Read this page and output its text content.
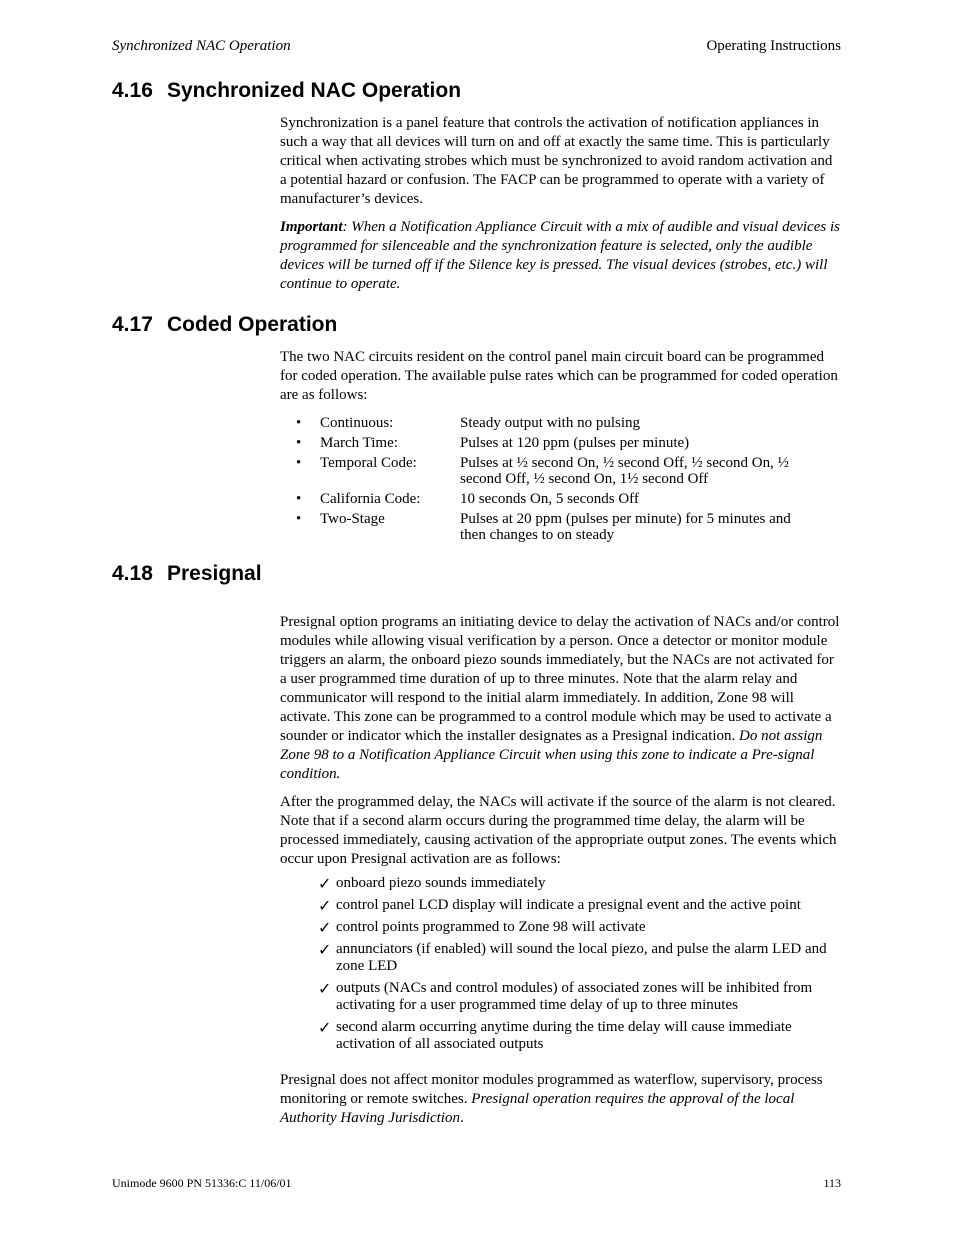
Synchronized NAC Operation	Operating Instructions
4.16 Synchronized NAC Operation

Synchronization is a panel feature that controls the activation of notification appliances in such a way that all devices will turn on and off at exactly the same time. This is particularly critical when activating strobes which must be synchronized to avoid random activation and a potential hazard or confusion. The FACP can be programmed to operate with a variety of manufacturer’s devices.

Important: When a Notification Appliance Circuit with a mix of audible and visual devices is programmed for silenceable and the synchronization feature is selected, only the audible devices will be turned off if the Silence key is pressed. The visual devices (strobes, etc.) will continue to operate.

4.17 Coded Operation

The two NAC circuits resident on the control panel main circuit board can be programmed for coded operation. The available pulse rates which can be programmed for coded operation are as follows:

•	Continuous:	Steady output with no pulsing
•	March Time:	Pulses at 120 ppm (pulses per minute)
•	Temporal Code:	Pulses at ½ second On, ½ second Off, ½ second On, ½ second Off, ½ second On, 1½ second Off
•	California Code:	10 seconds On, 5 seconds Off
•	Two-Stage	Pulses at 20 ppm (pulses per minute) for 5 minutes and then changes to on steady
4.18 Presignal

Presignal option programs an initiating device to delay the activation of NACs and/or control modules while allowing visual verification by a person. Once a detector or monitor module triggers an alarm, the onboard piezo sounds immediately, but the NACs are not activated for a user programmed time duration of up to three minutes. Note that the alarm relay and communicator will respond to the initial alarm immediately. In addition, Zone 98 will activate. This zone can be programmed to a control module which may be used to activate a sounder or indicator which the installer designates as a Presignal indication. Do not assign Zone 98 to a Notification Appliance Circuit when using this zone to indicate a Pre-signal condition.

After the programmed delay, the NACs will activate if the source of the alarm is not cleared. Note that if a second alarm occurs during the programmed time delay, the alarm will be processed immediately, causing activation of the appropriate output zones. The events which occur upon Presignal activation are as follows:

✓ onboard piezo sounds immediately
✓ control panel LCD display will indicate a presignal event and the active point
✓ control points programmed to Zone 98 will activate
✓ annunciators (if enabled) will sound the local piezo, and pulse the alarm LED and zone LED
✓ outputs (NACs and control modules) of associated zones will be inhibited from activating for a user programmed time delay of up to three minutes
✓ second alarm occurring anytime during the time delay will cause immediate activation of all associated outputs

Presignal does not affect monitor modules programmed as waterflow, supervisory, process monitoring or remote switches. Presignal operation requires the approval of the local Authority Having Jurisdiction.

Unimode 9600 PN 51336:C 11/06/01	113
